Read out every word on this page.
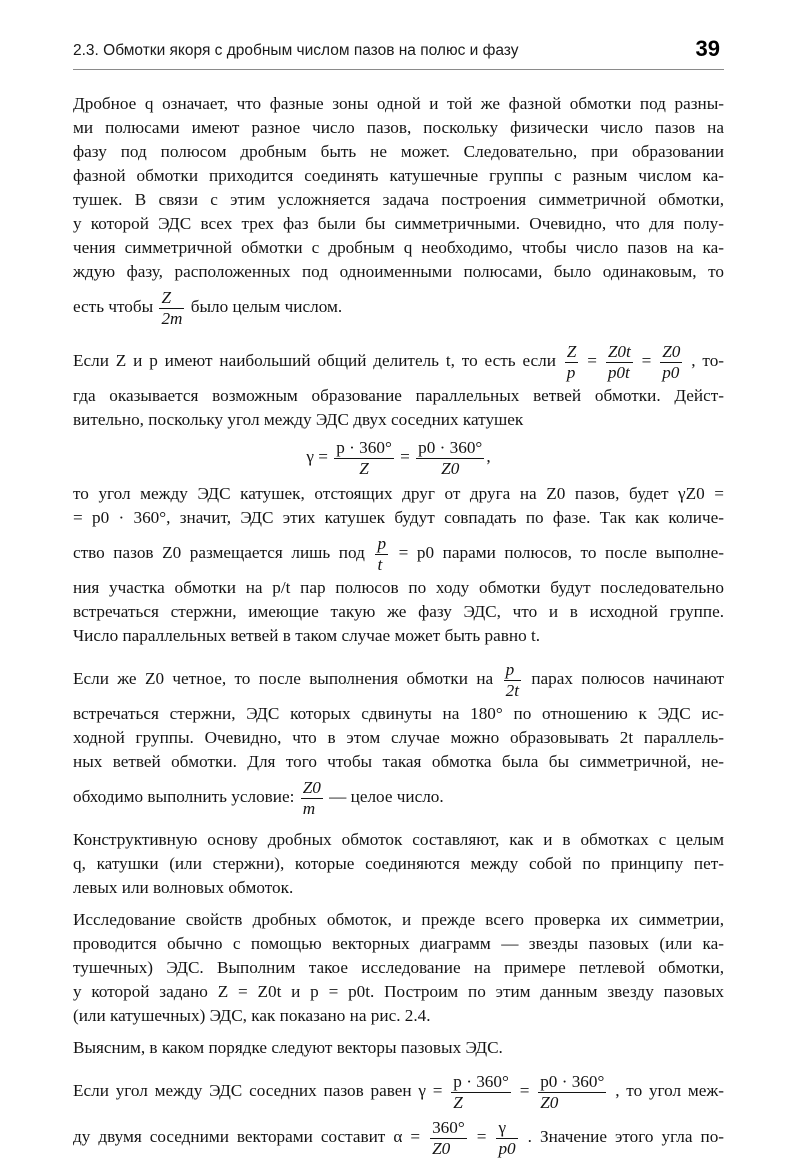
2.3. Обмотки якоря с дробным числом пазов на полюс и фазу	39
Дробное q означает, что фазные зоны одной и той же фазной обмотки под разны-
ми полюсами имеют разное число пазов, поскольку физически число пазов на
фазу под полюсом дробным быть не может. Следовательно, при образовании
фазной обмотки приходится соединять катушечные группы с разным числом ка-
тушек. В связи с этим усложняется задача построения симметричной обмотки,
у которой ЭДС всех трех фаз были бы симметричными. Очевидно, что для полу-
чения симметричной обмотки с дробным q необходимо, чтобы число пазов на ка-
ждую фазу, расположенных под одноименными полюсами, было одинаковым, то
есть чтобы $\frac{Z}{2m}$ было целым числом.
Если Z и p имеют наибольший общий делитель t, то есть если $\frac{Z}{p} = \frac{Z0t}{p0t} = \frac{Z0}{p0}$ , то-
гда оказывается возможным образование параллельных ветвей обмотки. Дейст-
вительно, поскольку угол между ЭДС двух соседних катушек
$\gamma = \frac{p \cdot 360^\circ}{Z} = \frac{p0 \cdot 360^\circ}{Z0}$ ,
то угол между ЭДС катушек, отстоящих друг от друга на Z0 пазов, будет γZ0 =
= p0 · 360°, значит, ЭДС этих катушек будут совпадать по фазе. Так как количе-
ство пазов Z0 размещается лишь под $\frac{p}{t} = p0$ парами полюсов, то после выполне-
ния участка обмотки на p/t пар полюсов по ходу обмотки будут последовательно
встречаться стержни, имеющие такую же фазу ЭДС, что и в исходной группе.
Число параллельных ветвей в таком случае может быть равно t.
Если же Z0 четное, то после выполнения обмотки на $\frac{p}{2t}$ парах полюсов начинают
встречаться стержни, ЭДС которых сдвинуты на 180° по отношению к ЭДС ис-
ходной группы. Очевидно, что в этом случае можно образовывать 2t параллель-
ных ветвей обмотки. Для того чтобы такая обмотка была бы симметричной, не-
обходимо выполнить условие: $\frac{Z0}{m}$ — целое число.
Конструктивную основу дробных обмоток составляют, как и в обмотках с целым
q, катушки (или стержни), которые соединяются между собой по принципу пет-
левых или волновых обмоток.
Исследование свойств дробных обмоток, и прежде всего проверка их симметрии,
проводится обычно с помощью векторных диаграмм — звезды пазовых (или ка-
тушечных) ЭДС. Выполним такое исследование на примере петлевой обмотки,
у которой задано Z = Z0t и p = p0t. Построим по этим данным звезду пазовых
(или катушечных) ЭДС, как показано на рис. 2.4.
Выясним, в каком порядке следуют векторы пазовых ЭДС.
Если угол между ЭДС соседних пазов равен $\gamma = \frac{p \cdot 360^\circ}{Z} = \frac{p0 \cdot 360^\circ}{Z0}$ , то угол меж-
ду двумя соседними векторами составит $\alpha = \frac{360^\circ}{Z0} = \frac{\gamma}{p0}$ . Значение этого угла по-
